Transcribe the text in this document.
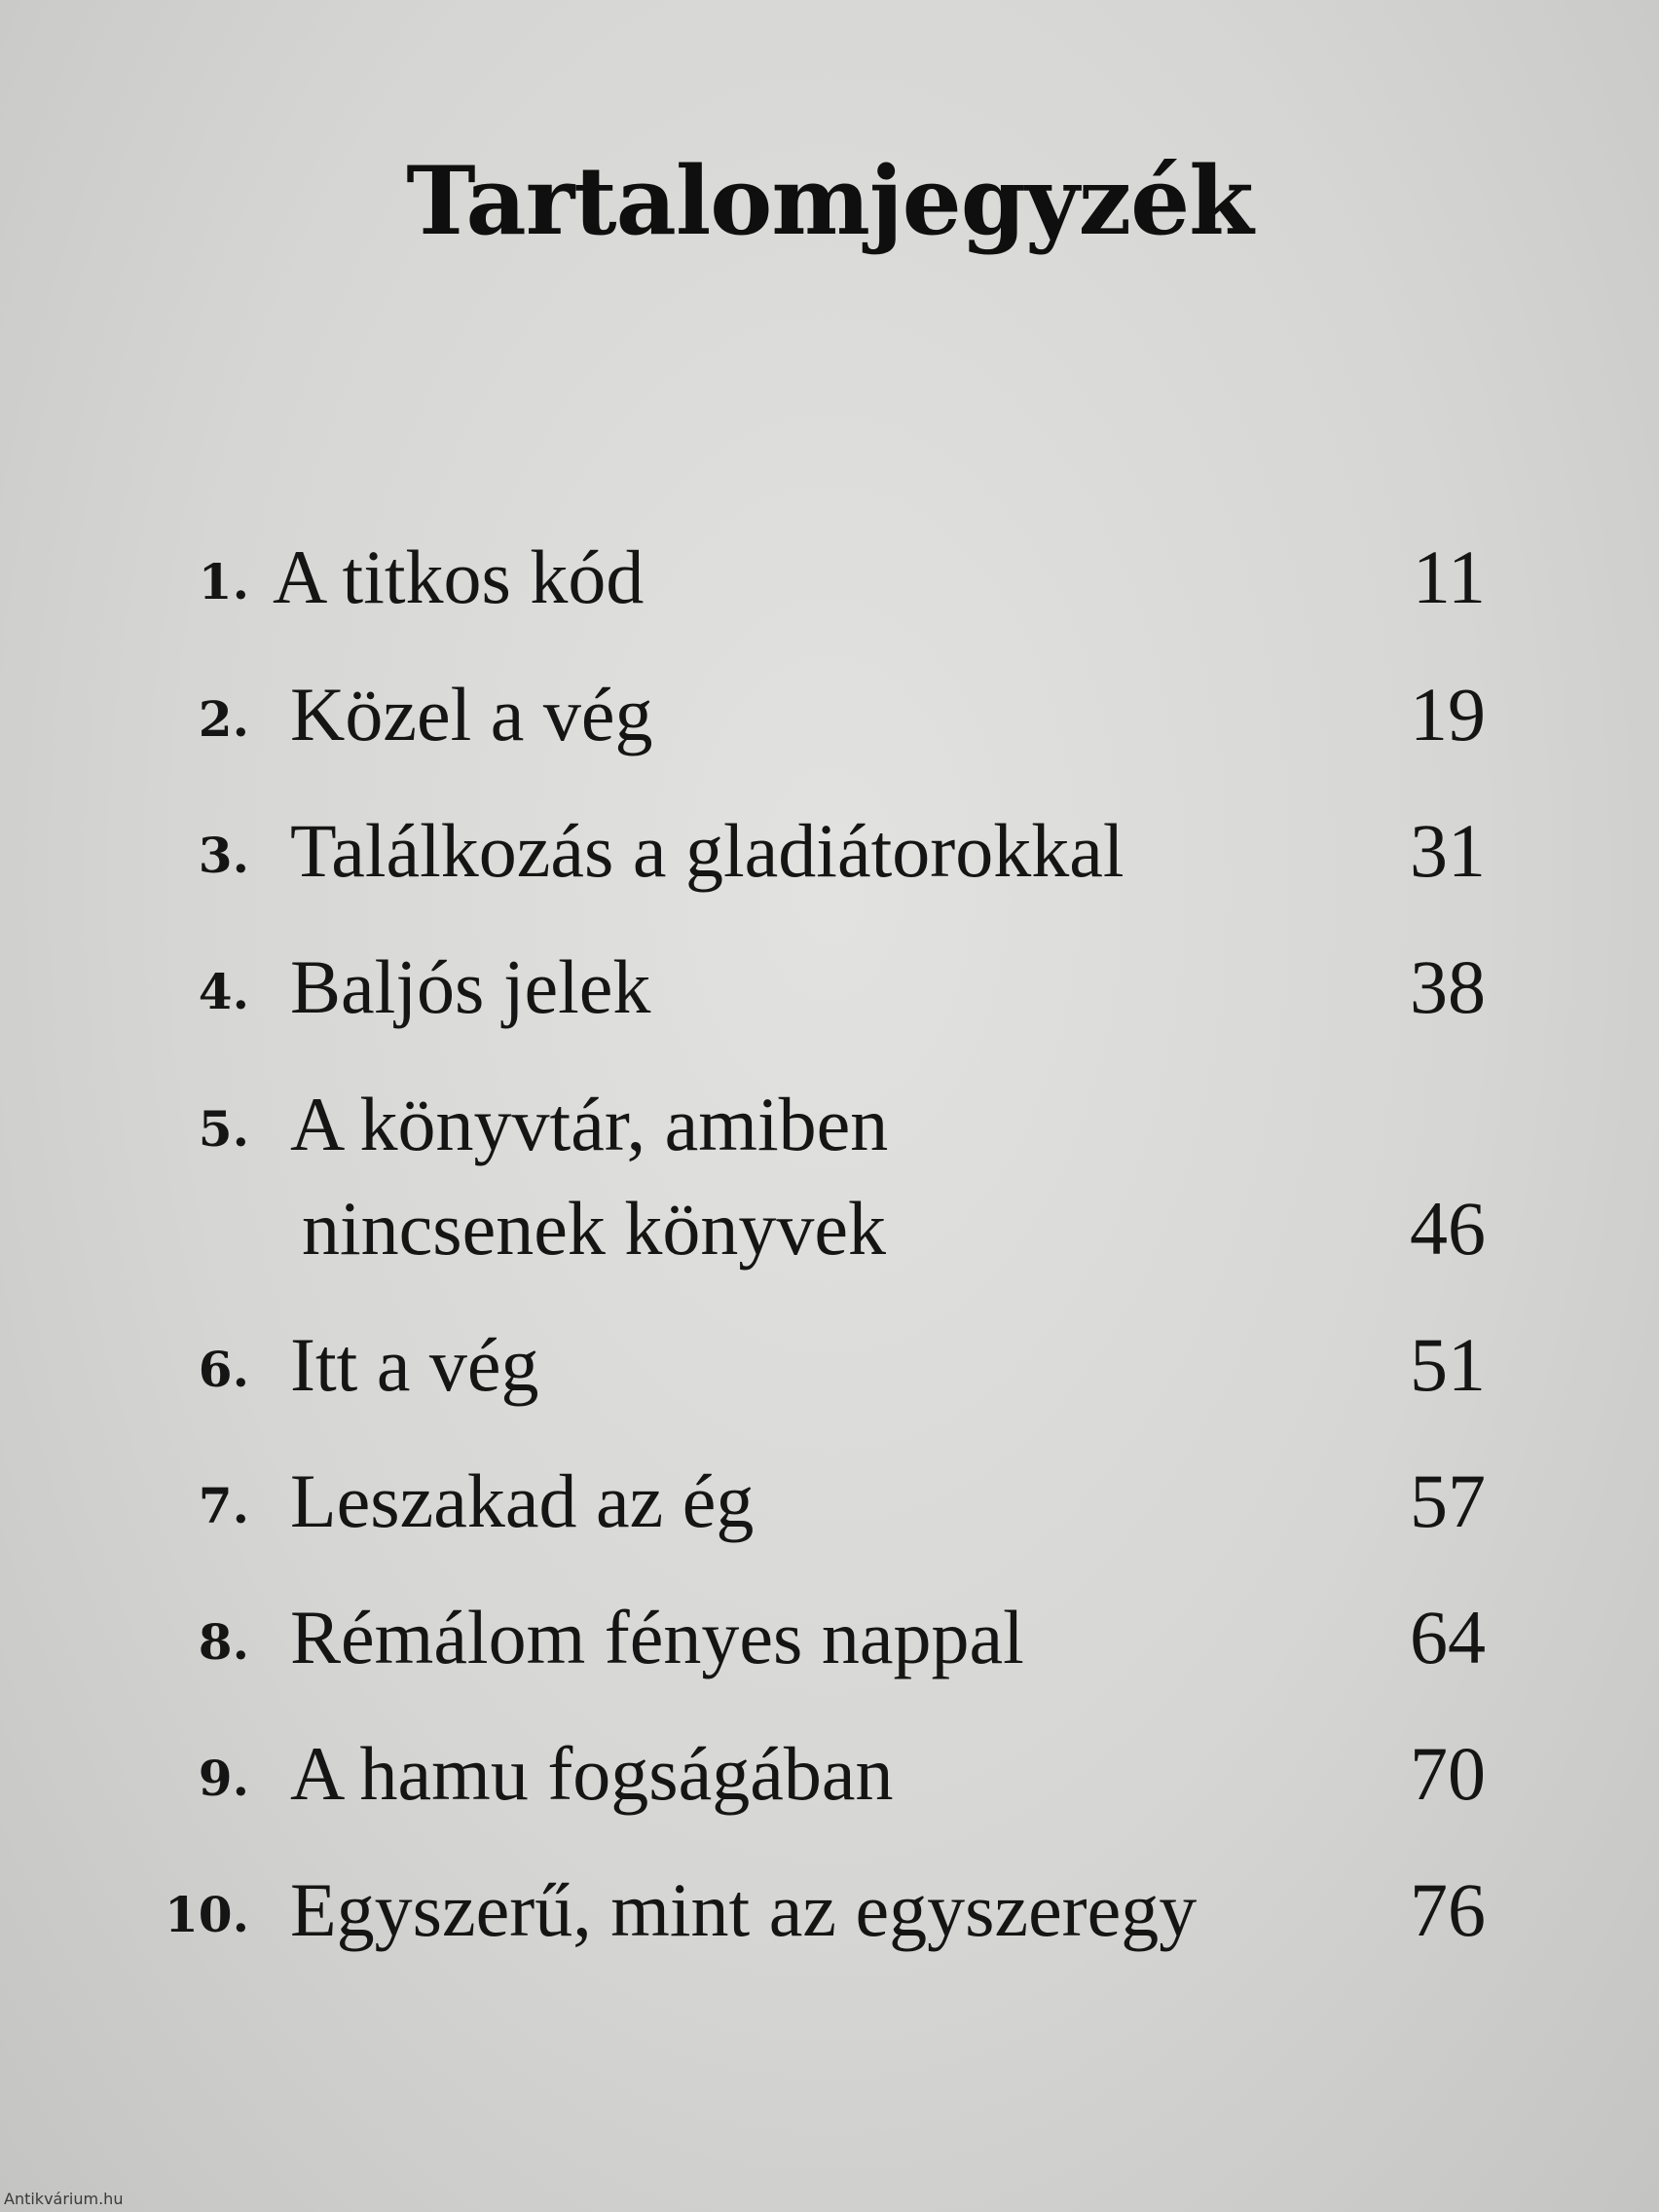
Tartalomjegyzék
1. A titkos kód	11
2. Közel a vég	19
3. Találkozás a gladiátorokkal	31
4. Baljós jelek	38
5. A könyvtár, amiben
nincsenek könyvek	46
6. Itt a vég	51
7. Leszakad az ég	57
8. Rémálom fényes nappal	64
9. A hamu fogságában	70
10. Egyszerű, mint az egyszeregy	76
Antikvárium.hu
